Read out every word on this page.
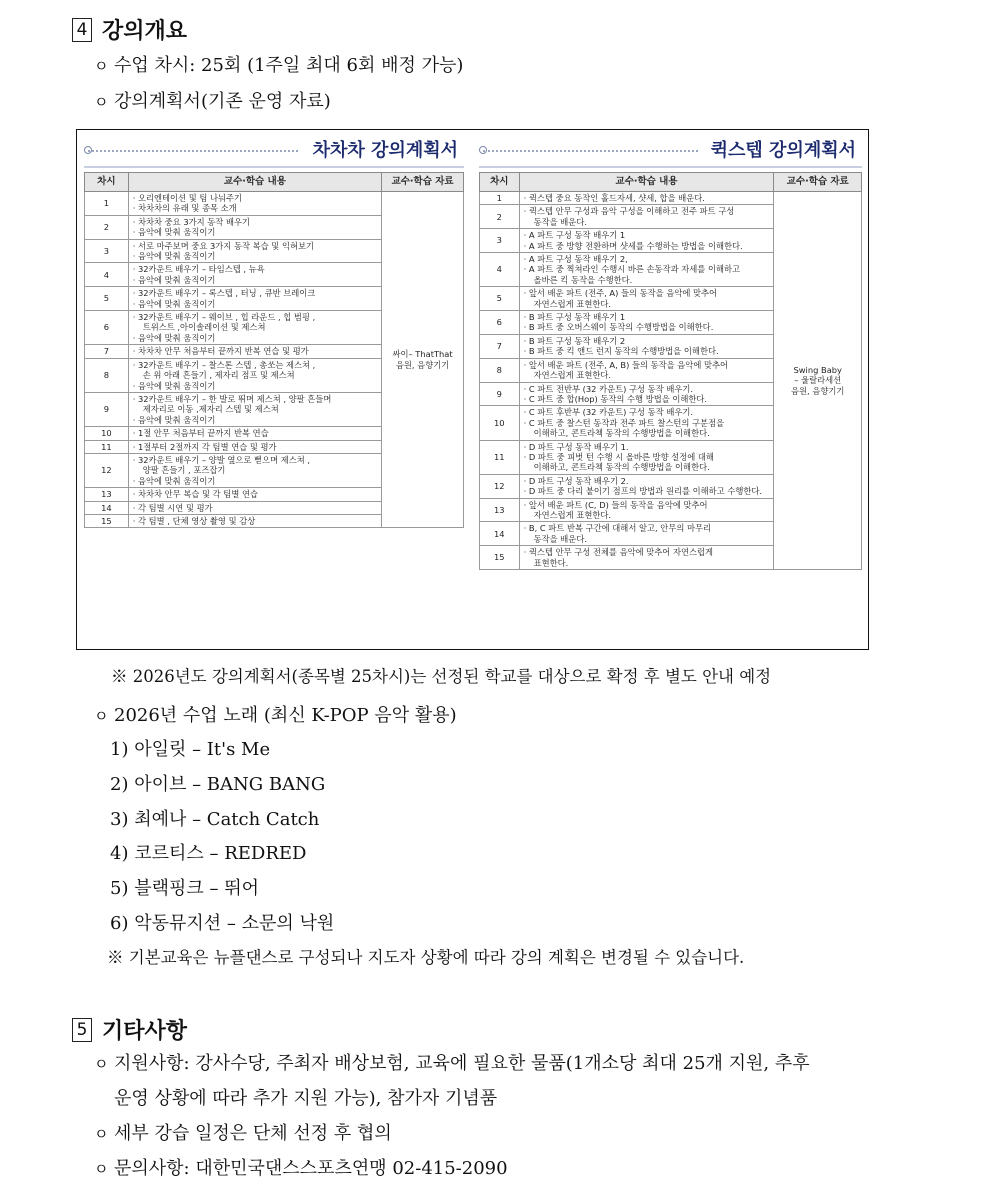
4 강의개요
ㅇ 수업 차시: 25회 (1주일 최대 6회 배정 가능)
ㅇ 강의계획서(기존 운영 자료)
차차차 강의계획서
차시	교수·학습 내용	교수·학습 자료
1	· 오리엔테이션 및 팀 나눠주기
· 차차차의 유래 및 종목 소개	싸이– ThatThat
음원, 음향기기

2	· 차차차 중요 3가지 동작 배우기
· 음악에 맞춰 움직이기	

3	· 서로 마주보며 중요 3가지 동작 복습 및 익혀보기
· 음악에 맞춰 움직이기	

4	· 32카운트 배우기 – 타임스텝 , 뉴욕
· 음악에 맞춰 움직이기	

5	· 32카운트 배우기 – 록스텝 , 터닝 , 큐반 브레이크
· 음악에 맞춰 움직이기	

6	· 32카운트 배우기 – 웨이브 , 힙 라운드 , 힙 범핑 ,
트위스트 ,아이솔레이션 및 제스쳐
· 음악에 맞춰 움직이기	

7	· 차차차 안무 처음부터 끝까지 반복 연습 및 평가	

8	· 32카운트 배우기 – 찰스톤 스텝 , 총쏘는 제스쳐 ,
손 위 아래 흔들기 , 제자리 점프 및 제스쳐
· 음악에 맞춰 움직이기	

9	· 32카운트 배우기 – 한 발로 뛰며 제스쳐 , 양팔 흔들며
제자리로 이동 ,제자리 스텝 및 제스쳐
· 음악에 맞춰 움직이기	

10	· 1절 안무 처음부터 끝까지 반복 연습	

11	· 1절부터 2절까지 각 팀별 연습 및 평가	

12	· 32카운트 배우기 – 양발 옆으로 뻗으며 제스쳐 ,
양팔 흔들기 , 포즈잡기
· 음악에 맞춰 움직이기	

13	· 차차차 안무 복습 및 각 팀별 연습	

14	· 각 팀별 시연 및 평가	

15	· 각 팀별 , 단체 영상 촬영 및 감상	
퀵스텝 강의계획서
차시	교수·학습 내용	교수·학습 자료
1	· 퀵스텝 중요 동작인 홀드자세, 샷세, 합을 배운다.	Swing Baby
– 울랄라세션
음원, 음향기기

2	· 퀵스텝 안무 구성과 음악 구성을 이해하고 전주 파트 구성
동작을 배운다.	

3	· A 파트 구성 동작 배우기 1
· A 파트 중 방향 전환하며 샷세를 수행하는 방법을 이해한다.	

4	· A 파트 구성 동작 배우기 2,
· A 파트 중 찍쳐라인 수행시 바른 손동작과 자세를 이해하고
올바른 킥 동작을 수행한다.	

5	· 앞서 배운 파트 (전주, A) 들의 동작을 음악에 맞추어
자연스럽게 표현한다.	

6	· B 파트 구성 동작 배우기 1
· B 파트 중 오버스웨이 동작의 수행방법을 이해한다.	

7	· B 파트 구성 동작 배우기 2
· B 파트 중 킥 앤드 런지 동작의 수행방법을 이해한다.	

8	· 앞서 배운 파트 (전주, A, B) 들의 동작을 음악에 맞추어
자연스럽게 표현한다.	

9	· C 파트 전반부 (32 카운트) 구성 동작 배우기.
· C 파트 중 합(Hop) 동작의 수행 방법을 이해한다.	

10	· C 파트 후반부 (32 카운트) 구성 동작 배우기.
· C 파트 중 찰스턴 동작과 전주 파트 찰스턴의 구분점을
이해하고, 콘트라첵 동작의 수행방법을 이해한다.	

11	· D 파트 구성 동작 배우기 1.
· D 파트 중 피벗 턴 수행 시 올바른 방향 설정에 대해
이해하고, 콘트라첵 동작의 수행방법을 이해한다.	

12	· D 파트 구성 동작 배우기 2.
· D 파트 중 다리 붙이기 점프의 방법과 원리를 이해하고 수행한다.	

13	· 앞서 배운 파트 (C, D) 들의 동작을 음악에 맞추어
자연스럽게 표현한다.	

14	· B, C 파트 반복 구간에 대해서 알고, 안무의 마무리
동작을 배운다.	

15	· 퀵스텝 안무 구성 전체를 음악에 맞추어 자연스럽게
표현한다.	
※ 2026년도 강의계획서(종목별 25차시)는 선정된 학교를 대상으로 확정 후 별도 안내 예정
ㅇ 2026년 수업 노래 (최신 K-POP 음악 활용)
1) 아일릿 – It's Me
2) 아이브 – BANG BANG
3) 최예나 – Catch Catch
4) 코르티스 – REDRED
5) 블랙핑크 – 뛰어
6) 악동뮤지션 – 소문의 낙원
※ 기본교육은 뉴플댄스로 구성되나 지도자 상황에 따라 강의 계획은 변경될 수 있습니다.
5 기타사항
ㅇ 지원사항: 강사수당, 주최자 배상보험, 교육에 필요한 물품(1개소당 최대 25개 지원, 추후
운영 상황에 따라 추가 지원 가능), 참가자 기념품
ㅇ 세부 강습 일정은 단체 선정 후 협의
ㅇ 문의사항: 대한민국댄스스포츠연맹 02-415-2090
